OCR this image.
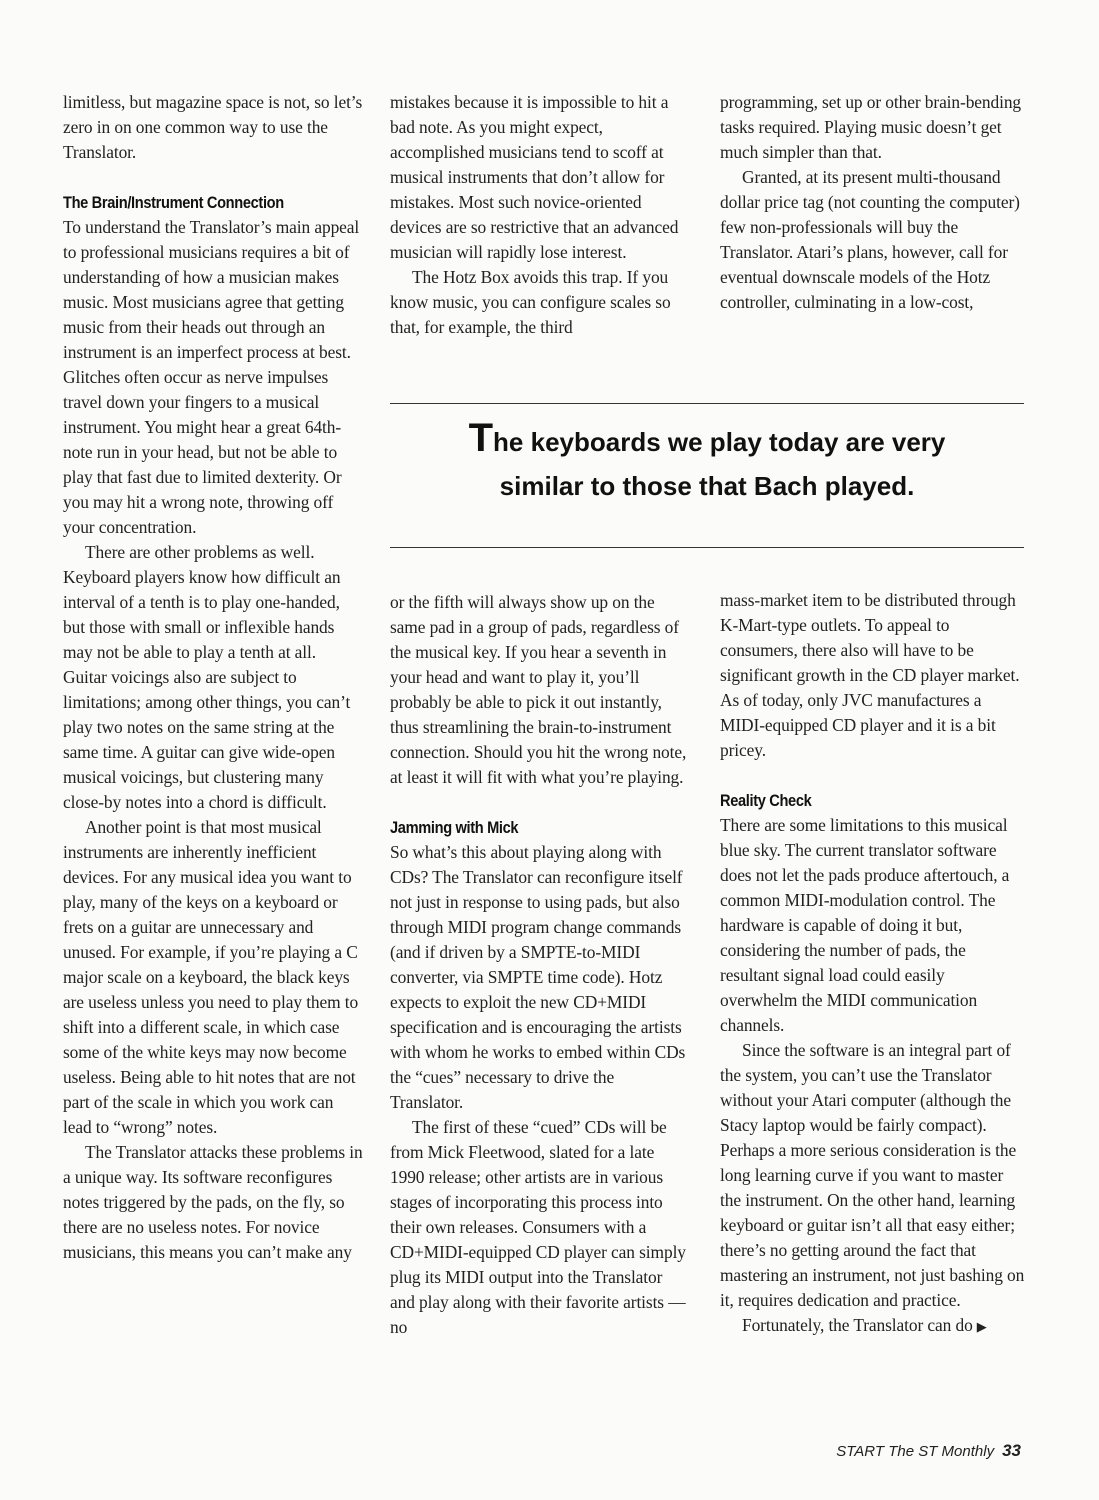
limitless, but magazine space is not, so let’s zero in on one common way to use the Translator.

The Brain/Instrument Connection

To understand the Translator’s main appeal to professional musicians requires a bit of understanding of how a musician makes music. Most musicians agree that getting music from their heads out through an instrument is an imperfect process at best. Glitches often occur as nerve impulses travel down your fingers to a musical instrument. You might hear a great 64th-note run in your head, but not be able to play that fast due to limited dexterity. Or you may hit a wrong note, throwing off your concentration.

There are other problems as well. Keyboard players know how difficult an interval of a tenth is to play one-handed, but those with small or inflexible hands may not be able to play a tenth at all. Guitar voicings also are subject to limitations; among other things, you can’t play two notes on the same string at the same time. A guitar can give wide-open musical voicings, but clustering many close-by notes into a chord is difficult.

Another point is that most musical instruments are inherently inefficient devices. For any musical idea you want to play, many of the keys on a keyboard or frets on a guitar are unnecessary and unused. For example, if you’re playing a C major scale on a keyboard, the black keys are useless unless you need to play them to shift into a different scale, in which case some of the white keys may now become useless. Being able to hit notes that are not part of the scale in which you work can lead to “wrong” notes.

The Translator attacks these problems in a unique way. Its software reconfigures notes triggered by the pads, on the fly, so there are no useless notes. For novice musicians, this means you can’t make any

mistakes because it is impossible to hit a bad note. As you might expect, accomplished musicians tend to scoff at musical instruments that don’t allow for mistakes. Most such novice-oriented devices are so restrictive that an advanced musician will rapidly lose interest.

The Hotz Box avoids this trap. If you know music, you can configure scales so that, for example, the third

programming, set up or other brain-bending tasks required. Playing music doesn’t get much simpler than that.

Granted, at its present multi-thousand dollar price tag (not counting the computer) few non-professionals will buy the Translator. Atari’s plans, however, call for eventual downscale models of the Hotz controller, culminating in a low-cost,

The keyboards we play today are very
similar to those that Bach played.

or the fifth will always show up on the same pad in a group of pads, regardless of the musical key. If you hear a seventh in your head and want to play it, you’ll probably be able to pick it out instantly, thus streamlining the brain-to-instrument connection. Should you hit the wrong note, at least it will fit with what you’re playing.

Jamming with Mick

So what’s this about playing along with CDs? The Translator can reconfigure itself not just in response to using pads, but also through MIDI program change commands (and if driven by a SMPTE-to-MIDI converter, via SMPTE time code). Hotz expects to exploit the new CD+MIDI specification and is encouraging the artists with whom he works to embed within CDs the “cues” necessary to drive the Translator.

The first of these “cued” CDs will be from Mick Fleetwood, slated for a late 1990 release; other artists are in various stages of incorporating this process into their own releases. Consumers with a CD+MIDI-equipped CD player can simply plug its MIDI output into the Translator and play along with their favorite artists — no

mass-market item to be distributed through K-Mart-type outlets. To appeal to consumers, there also will have to be significant growth in the CD player market. As of today, only JVC manufactures a MIDI-equipped CD player and it is a bit pricey.

Reality Check

There are some limitations to this musical blue sky. The current translator software does not let the pads produce aftertouch, a common MIDI-modulation control. The hardware is capable of doing it but, considering the number of pads, the resultant signal load could easily overwhelm the MIDI communication channels.

Since the software is an integral part of the system, you can’t use the Translator without your Atari computer (although the Stacy laptop would be fairly compact). Perhaps a more serious consideration is the long learning curve if you want to master the instrument. On the other hand, learning keyboard or guitar isn’t all that easy either; there’s no getting around the fact that mastering an instrument, not just bashing on it, requires dedication and practice.

Fortunately, the Translator can do ▶

START The ST Monthly 33
